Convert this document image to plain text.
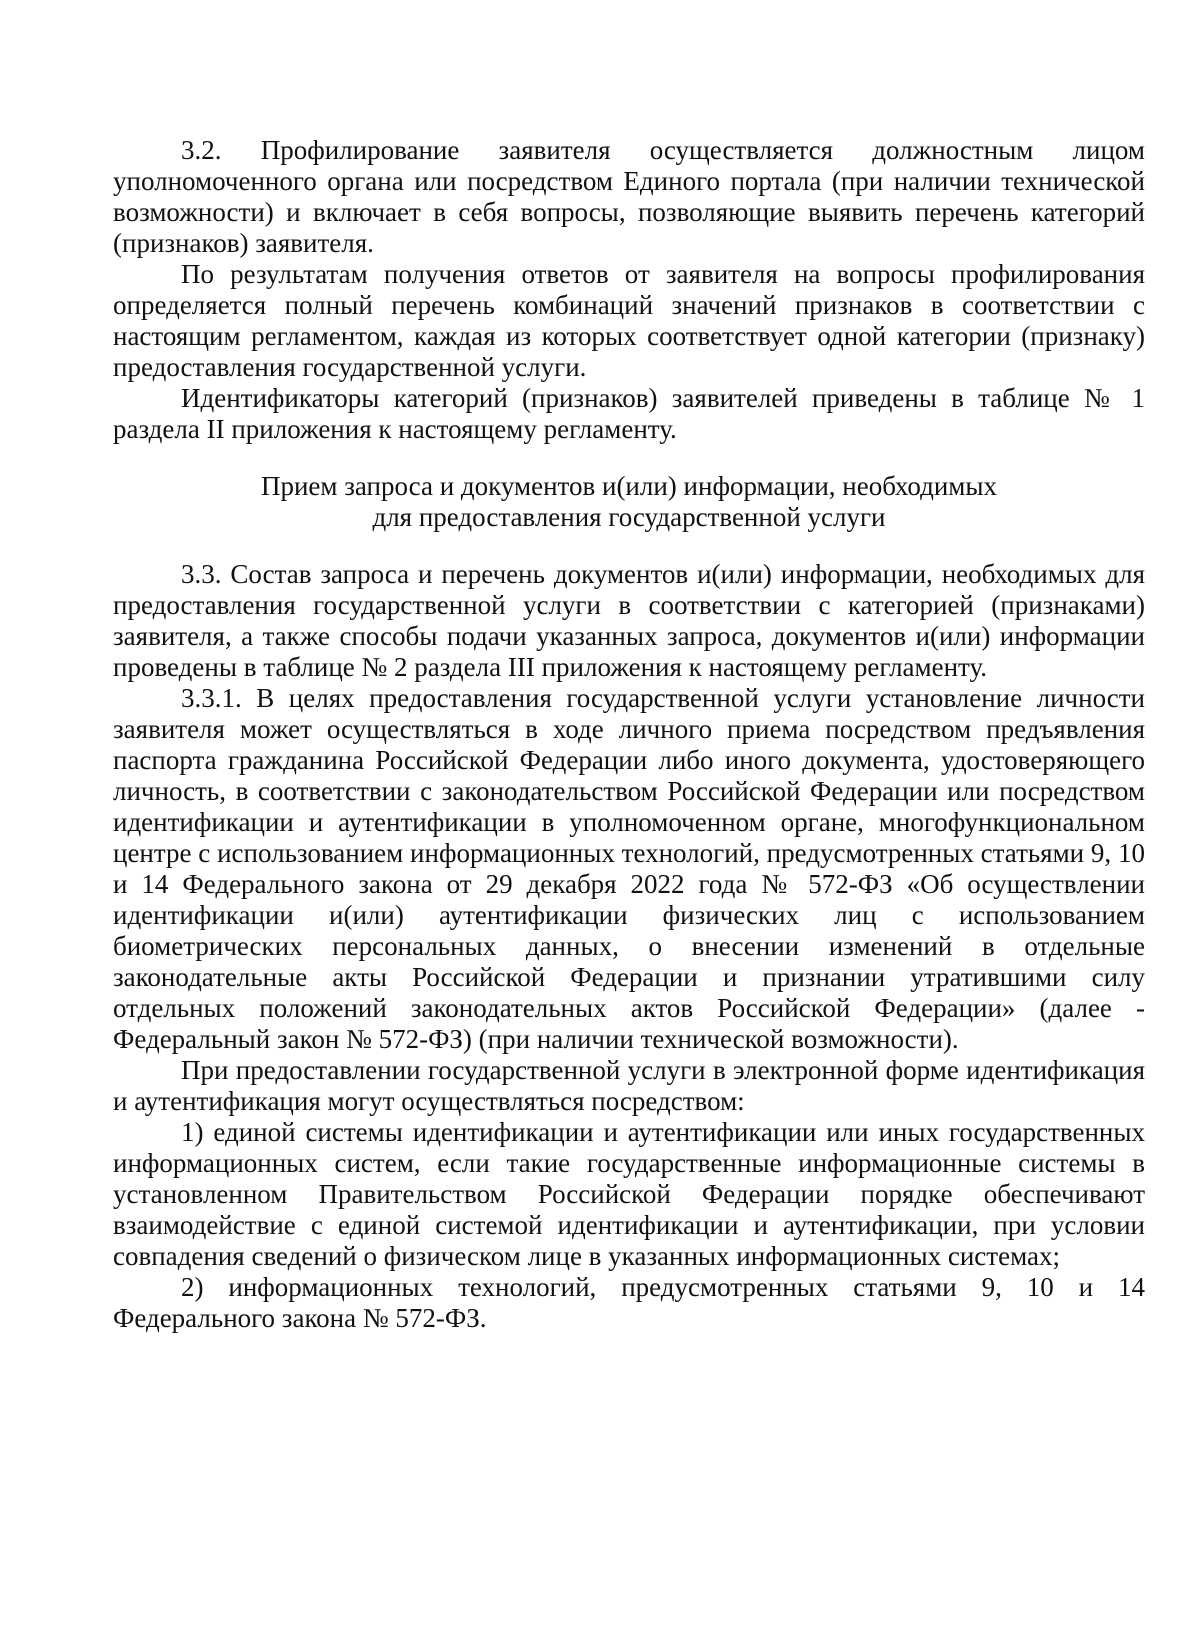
3.2. Профилирование заявителя осуществляется должностным лицом уполномоченного органа или посредством Единого портала (при наличии технической возможности) и включает в себя вопросы, позволяющие выявить перечень категорий (признаков) заявителя.

По результатам получения ответов от заявителя на вопросы профилирования определяется полный перечень комбинаций значений признаков в соответствии с настоящим регламентом, каждая из которых соответствует одной категории (признаку) предоставления государственной услуги.

Идентификаторы категорий (признаков) заявителей приведены в таблице № 1 раздела II приложения к настоящему регламенту.

Прием запроса и документов и(или) информации, необходимых
для предоставления государственной услуги

3.3. Состав запроса и перечень документов и(или) информации, необходимых для предоставления государственной услуги в соответствии с категорией (признаками) заявителя, а также способы подачи указанных запроса, документов и(или) информации проведены в таблице № 2 раздела III приложения к настоящему регламенту.

3.3.1. В целях предоставления государственной услуги установление личности заявителя может осуществляться в ходе личного приема посредством предъявления паспорта гражданина Российской Федерации либо иного документа, удостоверяющего личность, в соответствии с законодательством Российской Федерации или посредством идентификации и аутентификации в уполномоченном органе, многофункциональном центре с использованием информационных технологий, предусмотренных статьями 9, 10 и 14 Федерального закона от 29 декабря 2022 года № 572-ФЗ «Об осуществлении идентификации и(или) аутентификации физических лиц с использованием биометрических персональных данных, о внесении изменений в отдельные законодательные акты Российской Федерации и признании утратившими силу отдельных положений законодательных актов Российской Федерации» (далее - Федеральный закон № 572-ФЗ) (при наличии технической возможности).

При предоставлении государственной услуги в электронной форме идентификация и аутентификация могут осуществляться посредством:

1) единой системы идентификации и аутентификации или иных государственных информационных систем, если такие государственные информационные системы в установленном Правительством Российской Федерации порядке обеспечивают взаимодействие с единой системой идентификации и аутентификации, при условии совпадения сведений о физическом лице в указанных информационных системах;

2) информационных технологий, предусмотренных статьями 9, 10 и 14 Федерального закона № 572-ФЗ.
